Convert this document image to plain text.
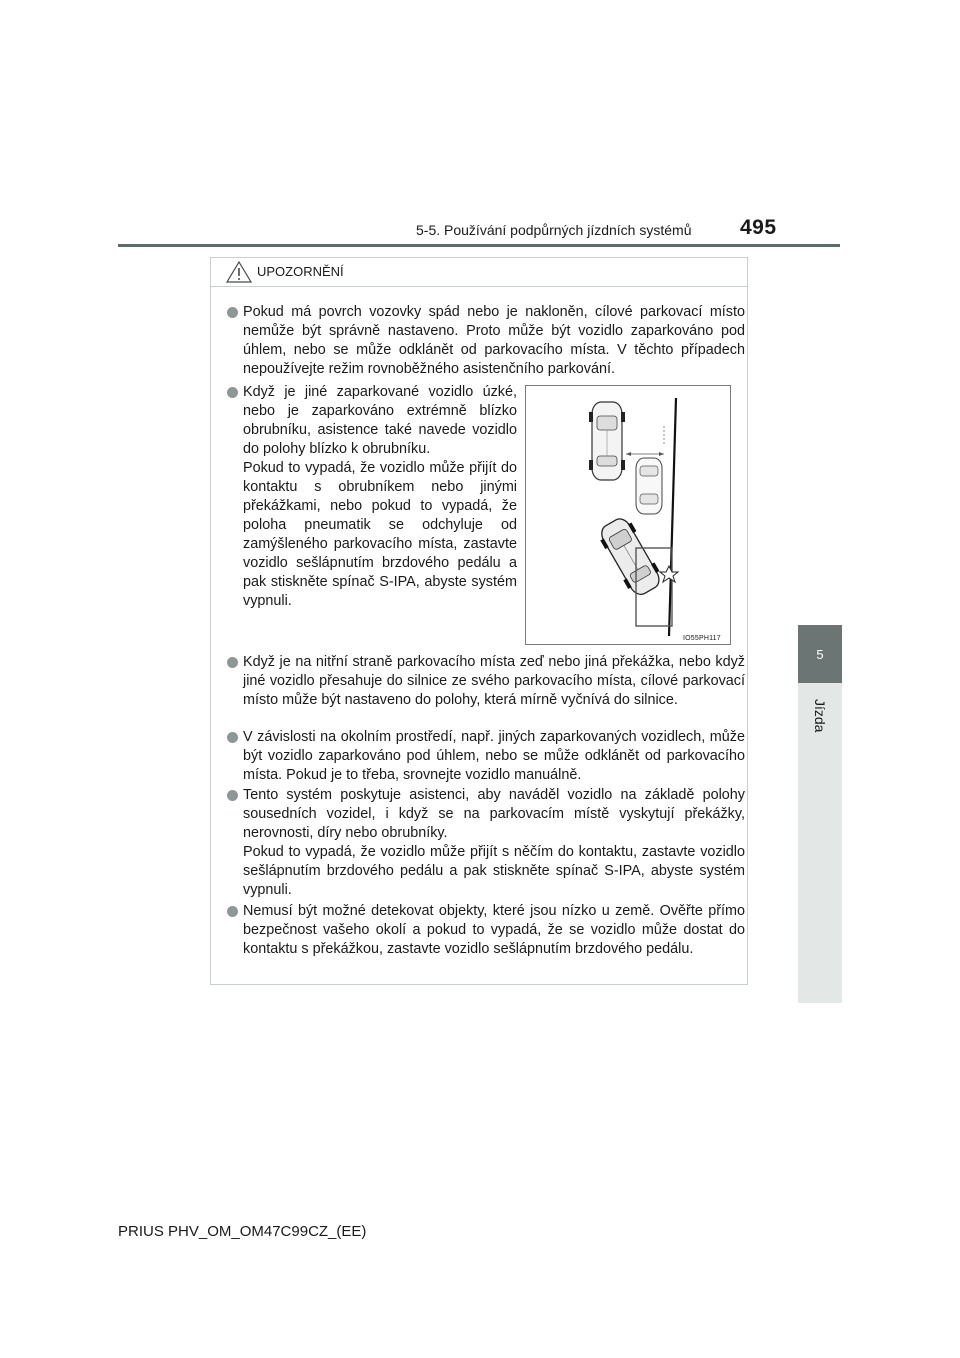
5-5. Používání podpůrných jízdních systémů 495
5
Jízda
UPOZORNĚNÍ

Pokud má povrch vozovky spád nebo je nakloněn, cílové parkovací místo nemůže být správně nastaveno. Proto může být vozidlo zaparkováno pod úhlem, nebo se může odklánět od parkovacího místa. V těchto případech nepoužívejte režim rovnoběžného asistenčního parkování.

Když je jiné zaparkované vozidlo úzké, nebo je zaparkováno extrémně blízko obrubníku, asistence také navede vozidlo do polohy blízko k obrubníku.

Pokud to vypadá, že vozidlo může přijít do kontaktu s obrubníkem nebo jinými překážkami, nebo pokud to vypadá, že poloha pneumatik se odchyluje od zamýšleného parkovacího místa, zastavte vozidlo sešlápnutím brzdového pedálu a pak stiskněte spínač S-IPA, abyste systém vypnuli.

IO55PH117

Když je na nitřní straně parkovacího místa zeď nebo jiná překážka, nebo když jiné vozidlo přesahuje do silnice ze svého parkovacího místa, cílové parkovací místo může být nastaveno do polohy, která mírně vyčnívá do silnice.

V závislosti na okolním prostředí, např. jiných zaparkovaných vozidlech, může být vozidlo zaparkováno pod úhlem, nebo se může odklánět od parkovacího místa. Pokud je to třeba, srovnejte vozidlo manuálně.

Tento systém poskytuje asistenci, aby naváděl vozidlo na základě polohy sousedních vozidel, i když se na parkovacím místě vyskytují překážky, nerovnosti, díry nebo obrubníky.

Pokud to vypadá, že vozidlo může přijít s něčím do kontaktu, zastavte vozidlo sešlápnutím brzdového pedálu a pak stiskněte spínač S-IPA, abyste systém vypnuli.

Nemusí být možné detekovat objekty, které jsou nízko u země. Ověřte přímo bezpečnost vašeho okolí a pokud to vypadá, že se vozidlo může dostat do kontaktu s překážkou, zastavte vozidlo sešlápnutím brzdového pedálu.

PRIUS PHV_OM_OM47C99CZ_(EE)
